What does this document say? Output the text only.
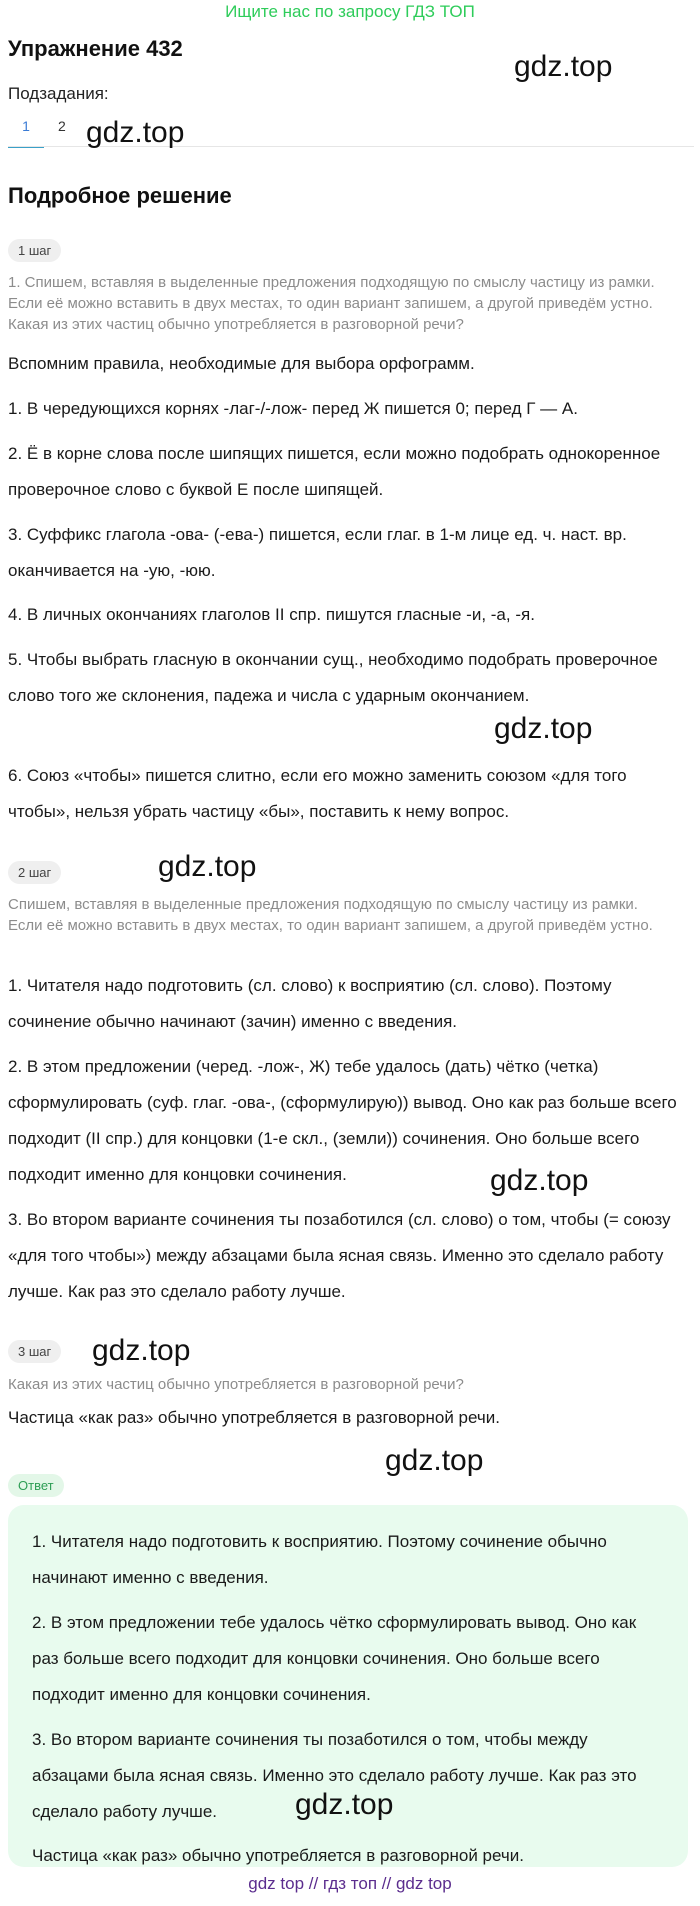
Ищите нас по запросу ГДЗ ТОП
Упражнение 432
Подзадания:
1	2
Подробное решение
1 шаг
1. Спишем, вставляя в выделенные предложения подходящую по смыслу частицу из рамки. Если её можно вставить в двух местах, то один вариант запишем, а другой приведём устно. Какая из этих частиц обычно употребляется в разговорной речи?
Вспомним правила, необходимые для выбора орфограмм.
1. В чередующихся корнях -лаг-/-лож- перед Ж пишется 0; перед Г — А.
2. Ё в корне слова после шипящих пишется, если можно подобрать однокоренное проверочное слово с буквой Е после шипящей.
3. Суффикс глагола -ова- (-ева-) пишется, если глаг. в 1-м лице ед. ч. наст. вр. оканчивается на -ую, -юю.
4. В личных окончаниях глаголов II спр. пишутся гласные -и, -а, -я.
5. Чтобы выбрать гласную в окончании сущ., необходимо подобрать проверочное слово того же склонения, падежа и числа с ударным окончанием.
6. Союз «чтобы» пишется слитно, если его можно заменить союзом «для того чтобы», нельзя убрать частицу «бы», поставить к нему вопрос.
2 шаг
Спишем, вставляя в выделенные предложения подходящую по смыслу частицу из рамки. Если её можно вставить в двух местах, то один вариант запишем, а другой приведём устно.
1. Читателя надо подготовить (сл. слово) к восприятию (сл. слово). Поэтому сочинение обычно начинают (зачин) именно с введения.
2. В этом предложении (черед. -лож-, Ж) тебе удалось (дать) чётко (четка) сформулировать (суф. глаг. -ова-, (сформулирую)) вывод. Оно как раз больше всего подходит (II спр.) для концовки (1-е скл., (земли)) сочинения. Оно больше всего подходит именно для концовки сочинения.
3. Во втором варианте сочинения ты позаботился (сл. слово) о том, чтобы (= союзу «для того чтобы») между абзацами была ясная связь. Именно это сделало работу лучше. Как раз это сделало работу лучше.
3 шаг
Какая из этих частиц обычно употребляется в разговорной речи?
Частица «как раз» обычно употребляется в разговорной речи.
Ответ
1. Читателя надо подготовить к восприятию. Поэтому сочинение обычно начинают именно с введения.
2. В этом предложении тебе удалось чётко сформулировать вывод. Оно как раз больше всего подходит для концовки сочинения. Оно больше всего подходит именно для концовки сочинения.
3. Во втором варианте сочинения ты позаботился о том, чтобы между абзацами была ясная связь. Именно это сделало работу лучше. Как раз это сделало работу лучше.
Частица «как раз» обычно употребляется в разговорной речи.
gdz.top
gdz.top
gdz.top
gdz.top
gdz.top
gdz.top
gdz.top
gdz.top
gdz top // гдз топ // gdz top
